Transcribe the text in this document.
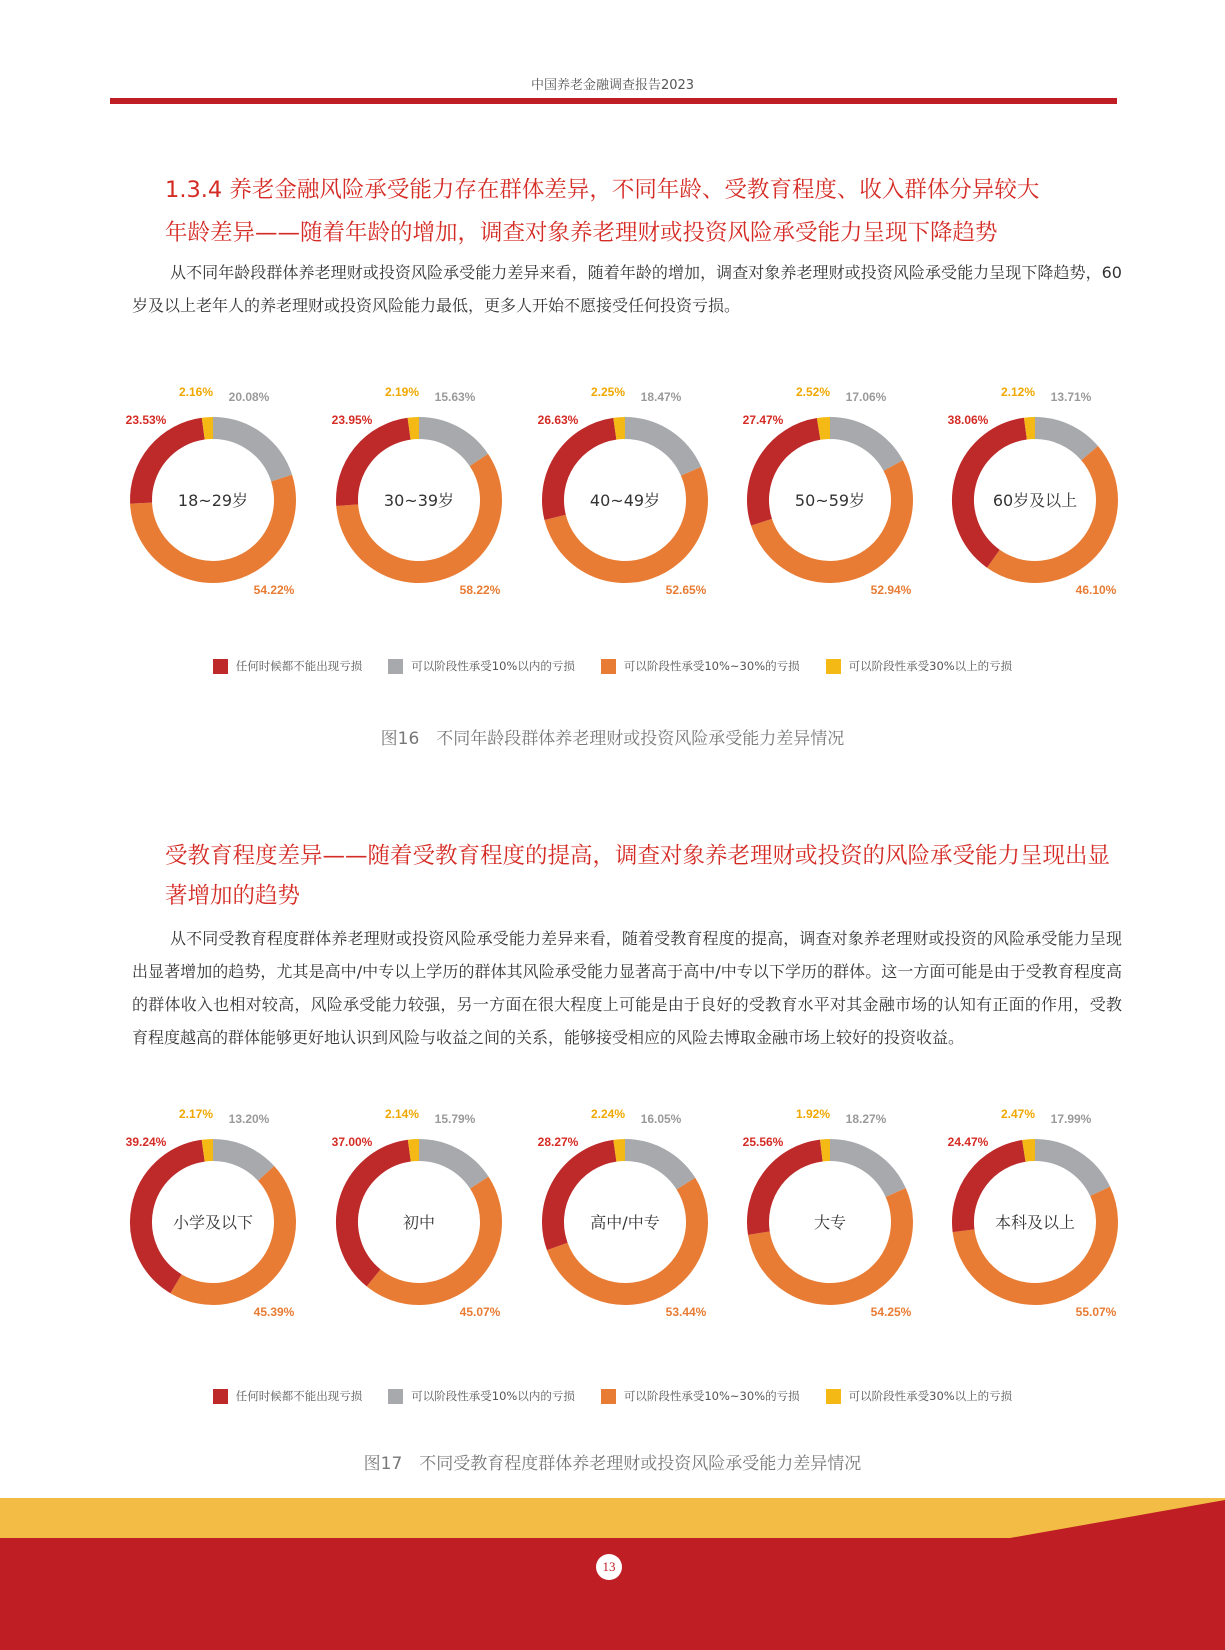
中国养老金融调查报告2023
1.3.4 养老金融风险承受能力存在群体差异，不同年龄、受教育程度、收入群体分异较大
年龄差异——随着年龄的增加，调查对象养老理财或投资风险承受能力呈现下降趋势

从不同年龄段群体养老理财或投资风险承受能力差异来看，随着年龄的增加，调查对象养老理财或投资风险承受能力呈现下降趋势，60岁及以上老年人的养老理财或投资风险能力最低，更多人开始不愿接受任何投资亏损。

18~29岁
23.53%
20.08%
54.22%
2.16%
30~39岁
23.95%
15.63%
58.22%
2.19%
40~49岁
26.63%
18.47%
52.65%
2.25%
50~59岁
27.47%
17.06%
52.94%
2.52%
60岁及以上
38.06%
13.71%
46.10%
2.12%
任何时候都不能出现亏损	可以阶段性承受10%以内的亏损	可以阶段性承受10%~30%的亏损	可以阶段性承受30%以上的亏损
图16　不同年龄段群体养老理财或投资风险承受能力差异情况
受教育程度差异——随着受教育程度的提高，调查对象养老理财或投资的风险承受能力呈现出显著增加的趋势

从不同受教育程度群体养老理财或投资风险承受能力差异来看，随着受教育程度的提高，调查对象养老理财或投资的风险承受能力呈现出显著增加的趋势，尤其是高中/中专以上学历的群体其风险承受能力显著高于高中/中专以下学历的群体。这一方面可能是由于受教育程度高的群体收入也相对较高，风险承受能力较强，另一方面在很大程度上可能是由于良好的受教育水平对其金融市场的认知有正面的作用，受教育程度越高的群体能够更好地认识到风险与收益之间的关系，能够接受相应的风险去博取金融市场上较好的投资收益。

小学及以下
39.24%
13.20%
45.39%
2.17%
初中
37.00%
15.79%
45.07%
2.14%
高中/中专
28.27%
16.05%
53.44%
2.24%
大专
25.56%
18.27%
54.25%
1.92%
本科及以上
24.47%
17.99%
55.07%
2.47%
任何时候都不能出现亏损	可以阶段性承受10%以内的亏损	可以阶段性承受10%~30%的亏损	可以阶段性承受30%以上的亏损
图17　不同受教育程度群体养老理财或投资风险承受能力差异情况
13
